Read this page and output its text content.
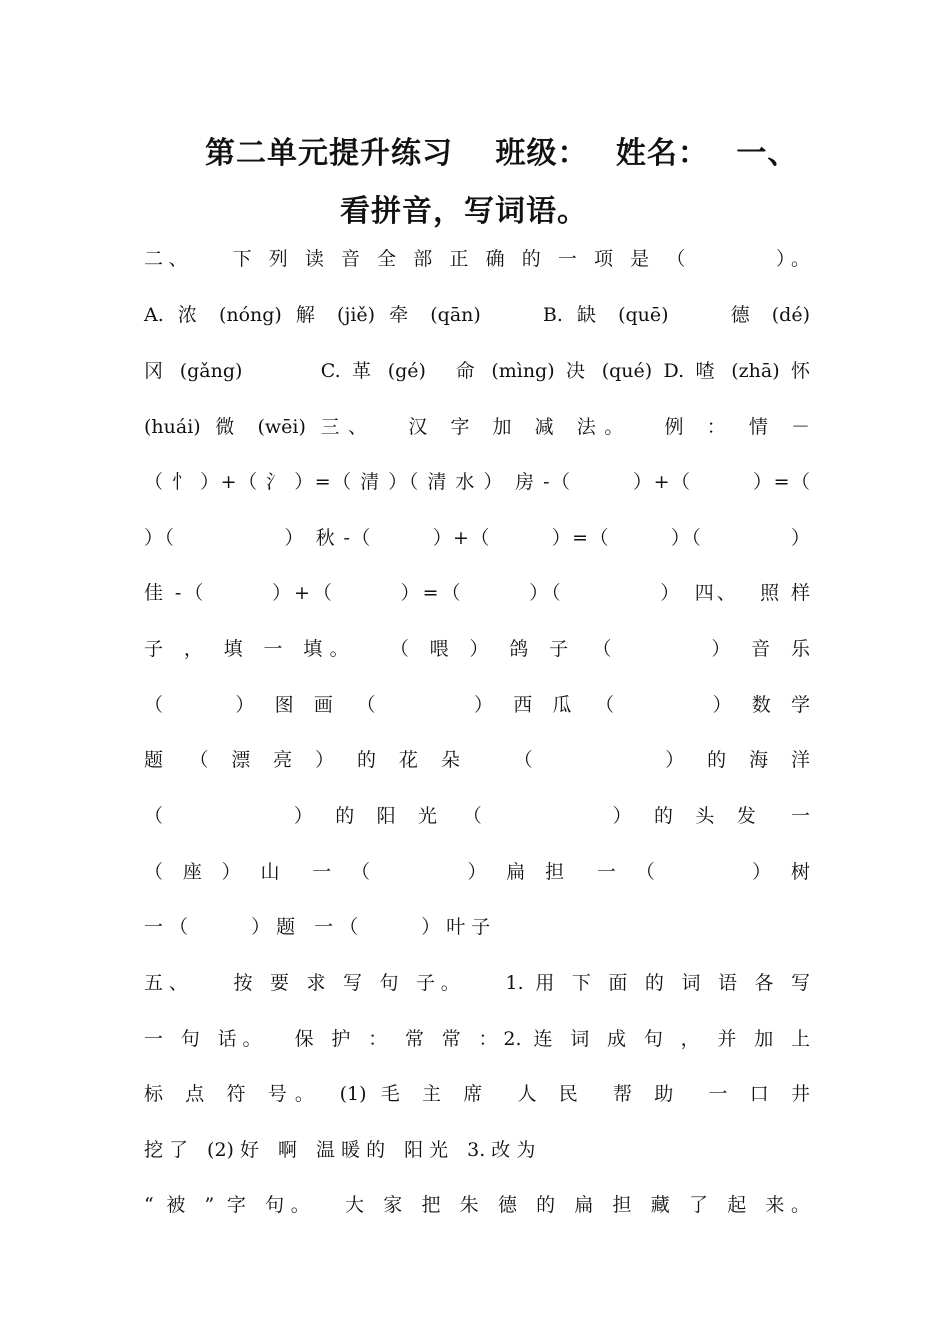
第二单元提升练习　 班级：　 姓名：　 一、
看拼音，写词语。
二、　　下 列 读 音 全 部 正 确 的 一 项 是 （　　　 ）。
A. 浓 (nóng) 解 (jiě) 牵 (qān)　　B. 缺 (quē)　　德 (dé)
冈 (gǎng)　　　C. 革 (gé)　命 (mìng) 决 (qué) D. 喳 (zhā) 怀
(huái) 微 (wēi) 三、　 汉 字 加 减 法。　 例 ： 情 －
（ 忄 ）+（ 氵 ）=（ 清 ）（ 清 水 ）　房 -（　　　）+（　　　）=（
）（　　　　　 ）　秋 -（　　　）+（　　　）=（　　　）（　　　　 ）
佳 -（　　　）+（　　　）=（　　　）（　　　　 ）　四、　 照 样
子 ， 填 一 填。　　（ 喂 ） 鸽 子　（　　　 ） 音 乐
（　　 ） 图 画　（　　　 ） 西 瓜　（　　　 ） 数 学
题　（ 漂 亮 ） 的 花 朵　　（　　　　 ） 的 海 洋
（　　　　 ） 的 阳 光　（　　　　 ） 的 头 发　一
（ 座 ） 山　一 （　　　 ） 扁 担　一 （　　　 ） 树
一 （　　　 ） 题　一 （　　　 ） 叶 子
五、　　按 要 求 写 句 子。　　1. 用 下 面 的 词 语 各 写
一 句 话。　 保 护 ： 常 常 ：2. 连 词 成 句 ， 并 加 上
标 点 符 号。　(1) 毛 主 席　人 民　帮 助　一 口 井
挖 了　(2) 好　啊　温 暖 的　阳 光　3. 改 为
“ 被 ” 字 句。　 大 家 把 朱 德 的 扁 担 藏 了 起 来。
